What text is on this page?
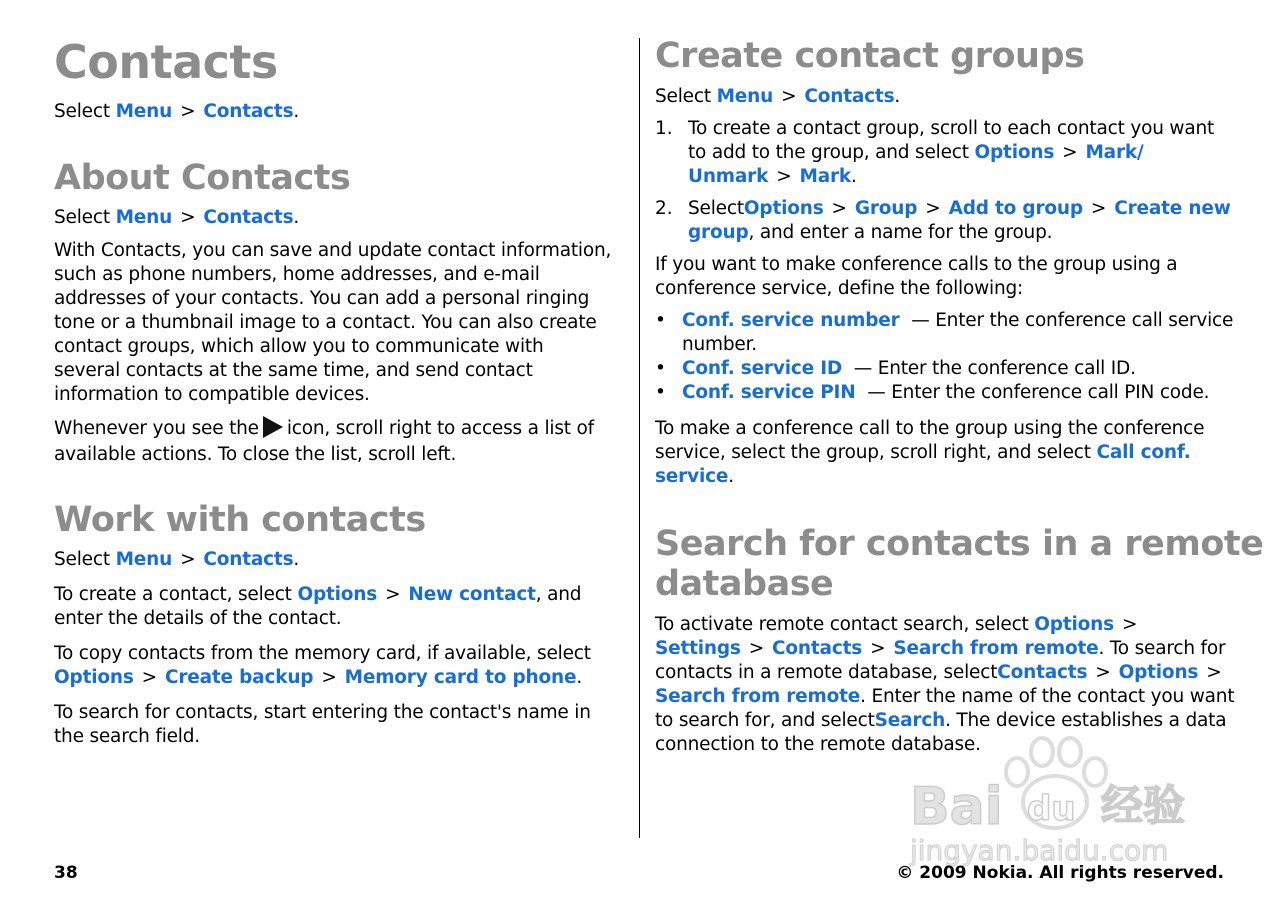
Contacts
Select Menu > Contacts.
About Contacts
Select Menu > Contacts.
With Contacts, you can save and update contact information,
such as phone numbers, home addresses, and e-mail
addresses of your contacts. You can add a personal ringing
tone or a thumbnail image to a contact. You can also create
contact groups, which allow you to communicate with
several contacts at the same time, and send contact
information to compatible devices.
Whenever you see the icon, scroll right to access a list of
available actions. To close the list, scroll left.
Work with contacts
Select Menu > Contacts.
To create a contact, select Options > New contact, and
enter the details of the contact.
To copy contacts from the memory card, if available, select
Options > Create backup > Memory card to phone.
To search for contacts, start entering the contact's name in
the search field.
Create contact groups
Select Menu > Contacts.
1. To create a contact group, scroll to each contact you want
to add to the group, and select Options > Mark/
Unmark > Mark.
2. SelectOptions > Group > Add to group > Create new
group, and enter a name for the group.
If you want to make conference calls to the group using a
conference service, define the following:
• Conf. service number — Enter the conference call service
number.
• Conf. service ID — Enter the conference call ID.
• Conf. service PIN — Enter the conference call PIN code.
To make a conference call to the group using the conference
service, select the group, scroll right, and select Call conf.
service.
Search for contacts in a remote
database
To activate remote contact search, select Options >
Settings > Contacts > Search from remote. To search for
contacts in a remote database, selectContacts > Options >
Search from remote. Enter the name of the contact you want
to search for, and selectSearch. The device establishes a data
connection to the remote database.
Bai du 经验
jingyan.baidu.com
38	© 2009 Nokia. All rights reserved.
